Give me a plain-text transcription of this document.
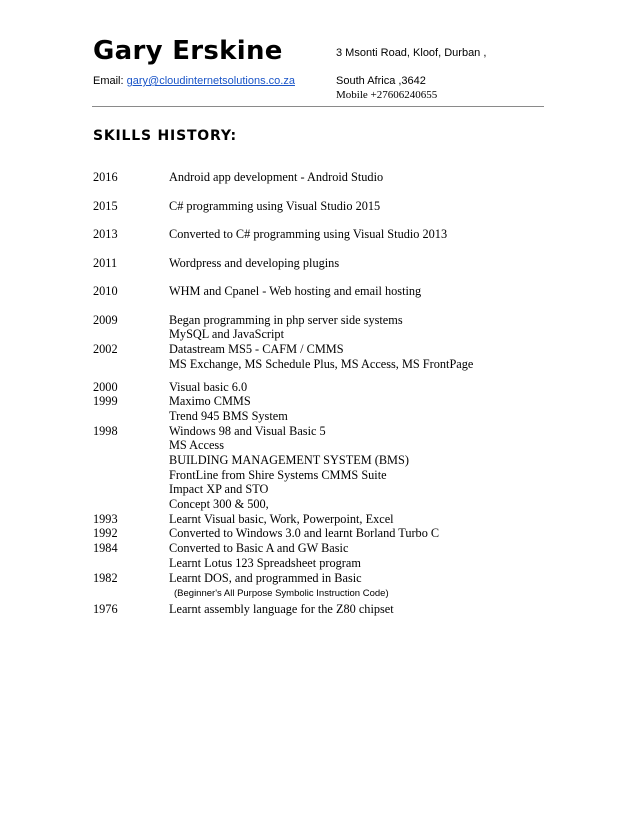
Gary Erskine
Email: gary@cloudinternetsolutions.co.za
3 Msonti Road, Kloof, Durban ,
South Africa ,3642
Mobile +27606240655
SKILLS HISTORY:
2016	Android app development - Android Studio
2015	C# programming using Visual Studio 2015
2013	Converted to C# programming using Visual Studio 2013
2011	Wordpress and developing plugins
2010	WHM and Cpanel - Web hosting and email hosting
2009	Began programming in php server side systems
MySQL and JavaScript
2002	Datastream MS5 - CAFM / CMMS
MS Exchange, MS Schedule Plus, MS Access, MS FrontPage
2000	Visual basic 6.0
1999	Maximo CMMS
Trend 945 BMS System
1998	Windows 98 and Visual Basic 5
MS Access
BUILDING MANAGEMENT SYSTEM (BMS)
FrontLine from Shire Systems CMMS Suite
Impact XP and STO
Concept 300 & 500,
1993	Learnt Visual basic, Work, Powerpoint, Excel
1992	Converted to Windows 3.0 and learnt Borland Turbo C
1984	Converted to Basic A and GW Basic
Learnt Lotus 123 Spreadsheet program
1982	Learnt DOS, and programmed in Basic
(Beginner's All Purpose Symbolic Instruction Code)
1976	Learnt assembly language for the Z80 chipset
